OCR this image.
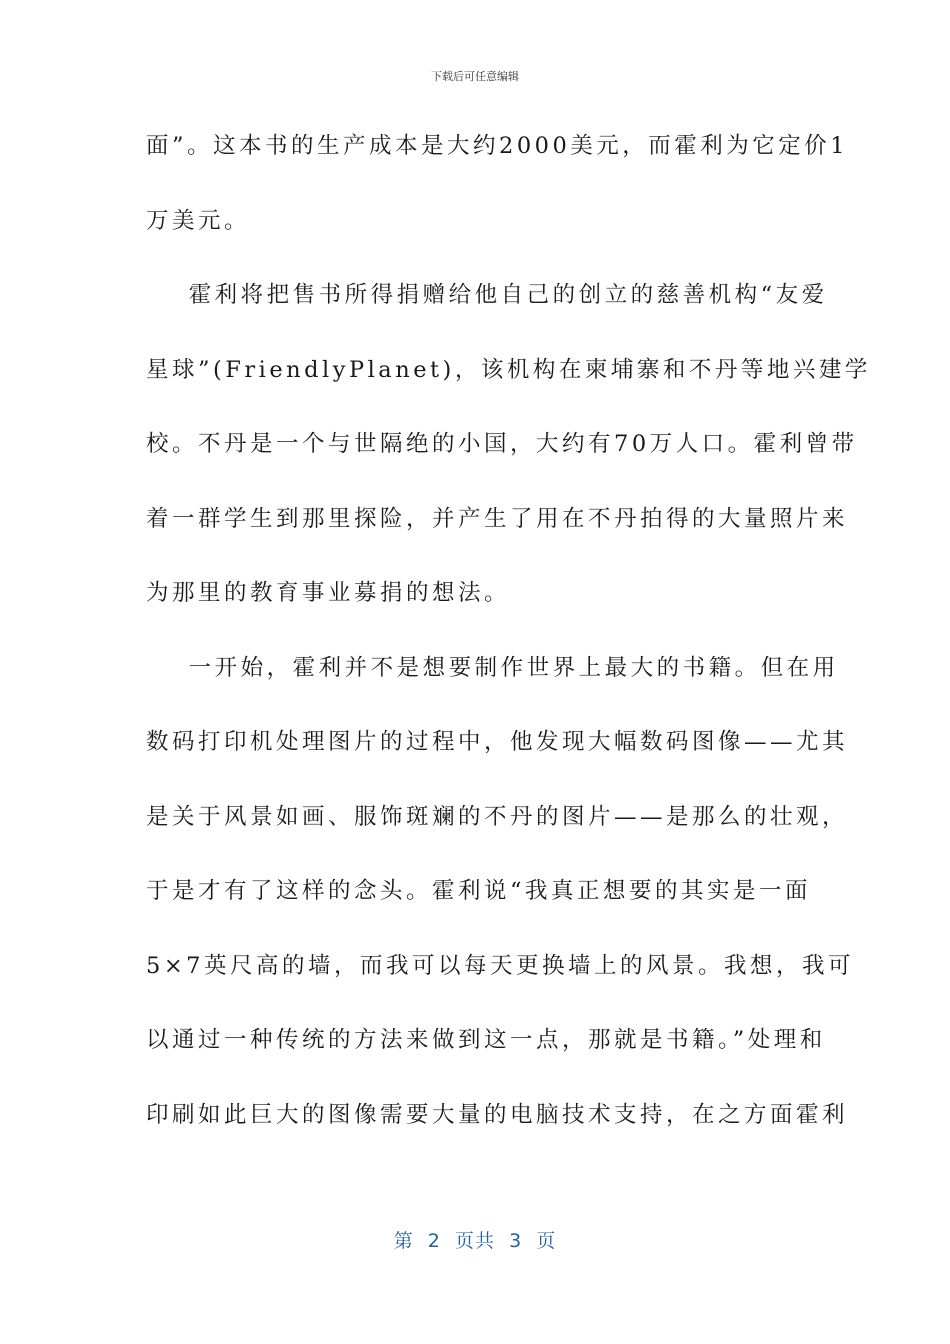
下载后可任意编辑
面”。这本书的生产成本是大约2000美元，而霍利为它定价1
万美元。
霍利将把售书所得捐赠给他自己的创立的慈善机构“友爱
星球”(FriendlyPlanet)，该机构在柬埔寨和不丹等地兴建学
校。不丹是一个与世隔绝的小国，大约有70万人口。霍利曾带
着一群学生到那里探险，并产生了用在不丹拍得的大量照片来
为那里的教育事业募捐的想法。
一开始，霍利并不是想要制作世界上最大的书籍。但在用
数码打印机处理图片的过程中，他发现大幅数码图像——尤其
是关于风景如画、服饰斑斓的不丹的图片——是那么的壮观，
于是才有了这样的念头。霍利说“我真正想要的其实是一面
5×7英尺高的墙，而我可以每天更换墙上的风景。我想，我可
以通过一种传统的方法来做到这一点，那就是书籍。”处理和
印刷如此巨大的图像需要大量的电脑技术支持，在之方面霍利
第 2 页共 3 页
